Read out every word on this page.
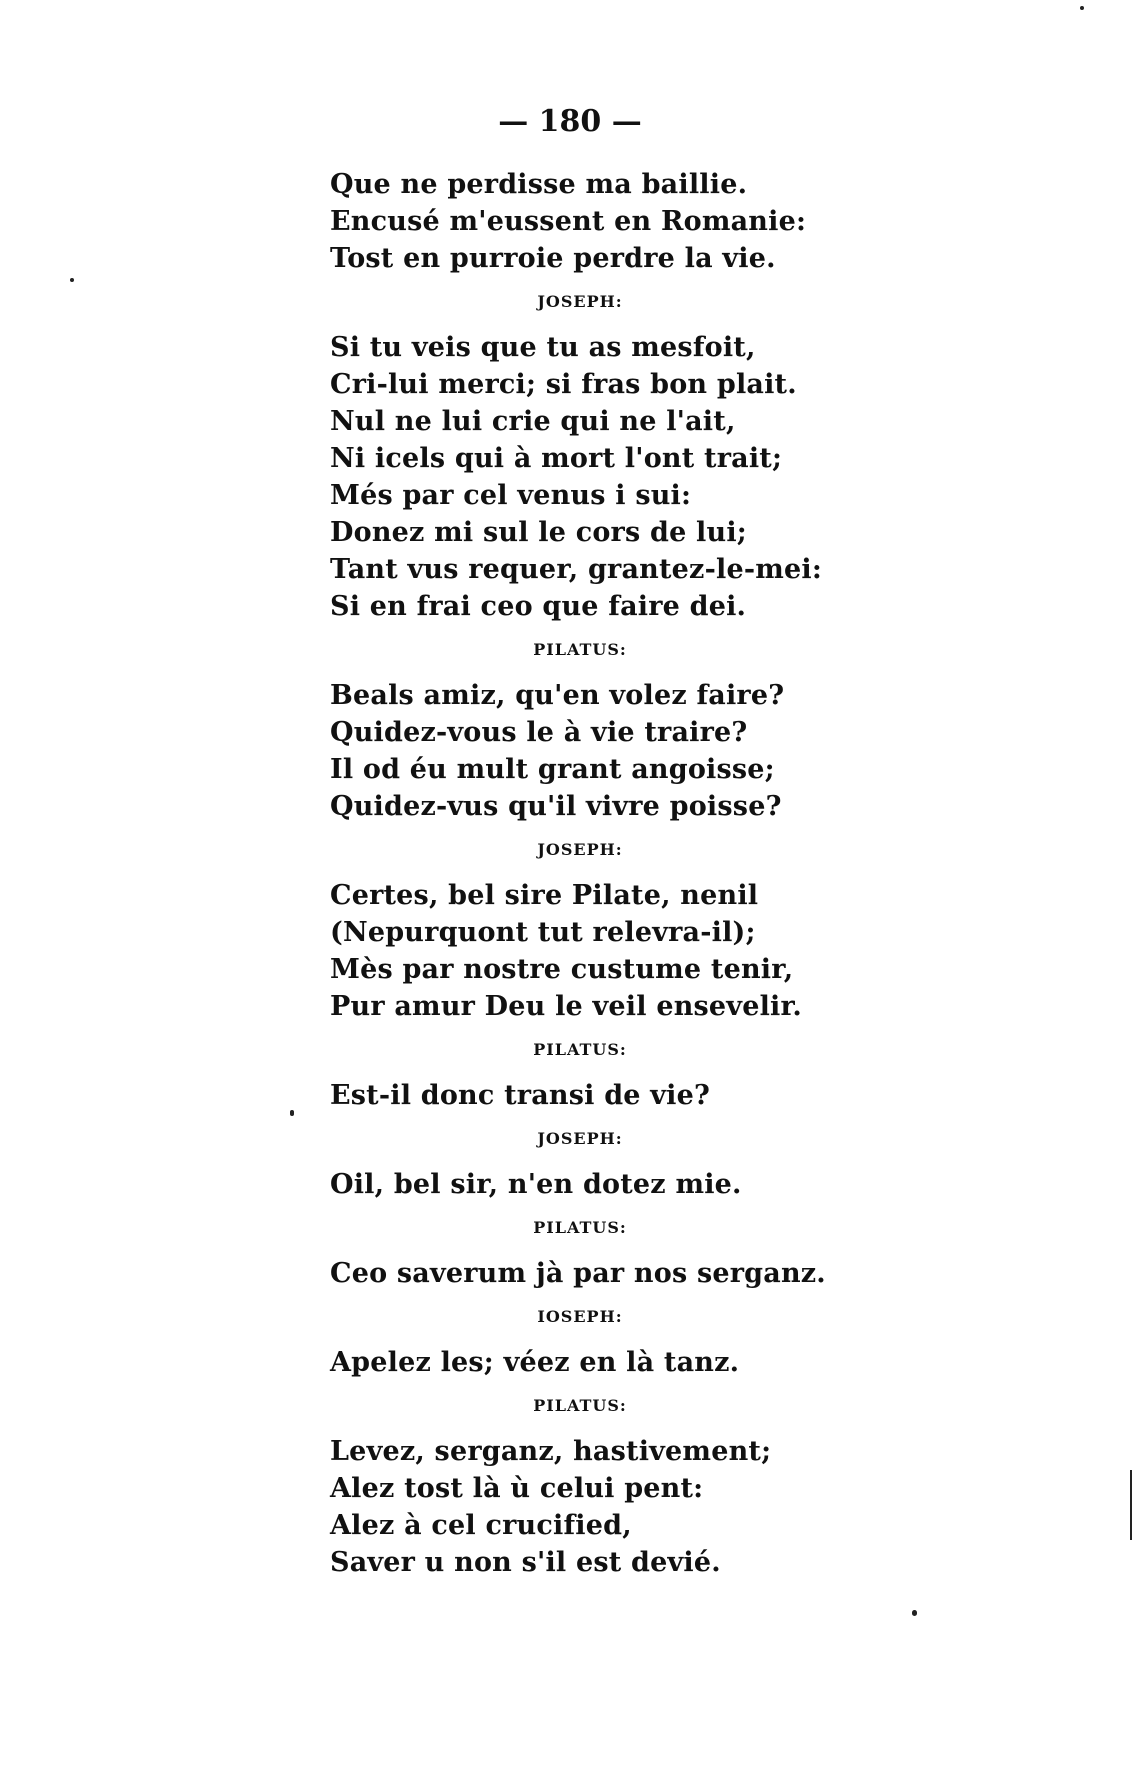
— 180 —
Que ne perdisse ma baillie.
Encusé m'eussent en Romanie:
Tost en purroie perdre la vie.
JOSEPH:
Si tu veis que tu as mesfoit,
Cri-lui merci; si fras bon plait.
Nul ne lui crie qui ne l'ait,
Ni icels qui à mort l'ont trait;
Més par cel venus i sui:
Donez mi sul le cors de lui;
Tant vus requer, grantez-le-mei:
Si en frai ceo que faire dei.
PILATUS:
Beals amiz, qu'en volez faire?
Quidez-vous le à vie traire?
Il od éu mult grant angoisse;
Quidez-vus qu'il vivre poisse?
JOSEPH:
Certes, bel sire Pilate, nenil
(Nepurquont tut relevra-il);
Mès par nostre custume tenir,
Pur amur Deu le veil ensevelir.
PILATUS:
Est-il donc transi de vie?
JOSEPH:
Oil, bel sir, n'en dotez mie.
PILATUS:
Ceo saverum jà par nos serganz.
IOSEPH:
Apelez les; véez en là tanz.
PILATUS:
Levez, serganz, hastivement;
Alez tost là ù celui pent:
Alez à cel crucified,
Saver u non s'il est devié.
